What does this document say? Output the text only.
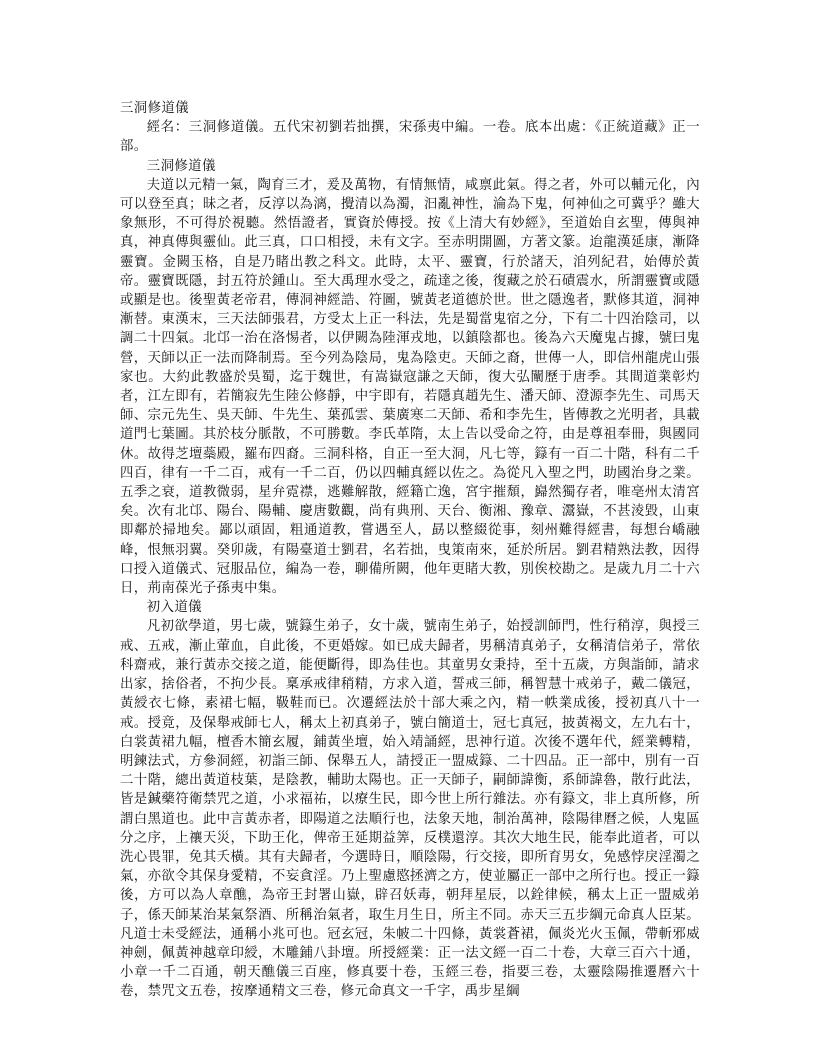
三洞修道儀

經名：三洞修道儀。五代宋初劉若拙撰，宋孫夷中編。一卷。底本出處：《正統道藏》正一部。

三洞修道儀

夫道以元精一氣，陶育三才，爰及萬物，有情無情，咸禀此氣。得之者，外可以輔元化，內可以登至真；昧之者，反淳以為漓，攪清以為濁，汩亂神性，淪為下鬼，何神仙之可冀乎？雖大象無形，不可得於視聽。然悟證者，實資於傳授。按《上清大有妙經》，至道始自玄聖，傳與神真，神真傳與靈仙。此三真，口口相授，未有文字。至赤明開圖，方著文篆。迨龍漢延康，漸降靈寶。金闕玉格，自是乃睹出教之科文。此時，太平、靈寶，行於諸天，洎列紀君，始傳於黃帝。靈寶既隱，封五符於鍾山。至大禹理水受之，疏達之後，復藏之於石磧震水，所謂靈寶或隱或顯是也。後聖黃老帝君，傳洞神經誥、符圖，號黃老道德於世。世之隱逸者，默修其道，洞神漸替。東漢末，三天法師張君，方受太上正一科法，先是蜀當鬼宿之分，下有二十四治陰司，以調二十四氣。北邙一治在洛惕者，以伊闕為陸渾戎地，以鎮陰都也。後為六天魔鬼占據，號曰鬼營，天師以正一法而降制焉。至今列為陰局，鬼為陰吏。天師之裔，世傳一人，即信州龍虎山張家也。大約此教盛於吳蜀，迄于魏世，有嵩嶽寇謙之天師，復大弘闡歷于唐季。其間道業彰灼者，江左即有，若簡寂先生陸公修靜，中宇即有，若隱真趙先生、潘天師、澄源李先生、司馬天師、宗元先生、吳天師、牛先生、葉孤雲、葉廣寒二天師、希和李先生，皆傳教之光明者，具載道門七葉圖。其於枝分脈散，不可勝數。李氏革隋，太上告以受命之符，由是尊祖奉冊，與國同休。故得芝壇蘂殿，羅布四裔。三洞科格，自正一至大洞，凡七等，籙有一百二十階，科有二千四百，律有一千二百，戒有一千二百，仍以四輔真經以佐之。為從凡入聖之門，助國治身之業。五季之衰，道教微弱，星弁霓襟，逃難解散，經籍亡逸，宮宇摧頹，巋然獨存者，唯亳州太清宮矣。次有北邙、陽台、陽輔、慶唐數觀，尚有典刑、天台、衡湘、豫章、灊嶽，不甚淩毀，山東即鄰於掃地矣。鄙以頑固，粗通道教，嘗遇至人，勗以整綴從事，刻州難得經書，每想台嶠融峰，恨無羽翼。癸卯歲，有陽臺道士劉君，名若拙，曳策南來，延於所居。劉君精熟法教，因得口授入道儀式、冠服品位，編為一卷，聊備所闕，他年更睹大教，別俟校勘之。是歲九月二十六日，荊南葆光子孫夷中集。

初入道儀

凡初欲學道，男七歲，號籙生弟子，女十歲，號南生弟子，始授訓師門，性行稍淳，與授三戒、五戒，漸止葷血，自此後，不更婚嫁。如已成夫歸者，男稱清真弟子，女稱清信弟子，常依科齋戒，兼行黃赤交接之道，能便斷得，即為佳也。其童男女秉持，至十五歲，方與詣師，請求出家，捨俗者，不拘少長。稟承戒律稍精，方求入道，誓戒三師，稱智慧十戒弟子，戴二儀冠，黃綬衣七條，素裙七幅，靸鞋而已。次遷經法於十部大乘之內，精一帙業成後，授初真八十一戒。授竟，及保舉戒師七人，稱太上初真弟子，號白簡道士，冠七真冠，披黃褐文，左九右十，白裳黃裙九幅，檀香木簡玄履，鋪黃坐壇，始入靖誦經，思神行道。次後不選年代，經業轉精，明鍊法式，方參洞經，初詣三師、保舉五人，請授正一盟威籙、二十四品。正一部中，別有一百二十階，總出黃道枝葉，是陰教，輔助太陽也。正一天師子，嗣師諱衡，系師諱魯，散行此法，皆是鍼藥符衛禁咒之道，小求福祐，以療生民，即今世上所行雜法。亦有籙文，非上真所修，所謂白黑道也。此中言黃赤者，即陽道之法順行也，法象天地，制治萬神，陰陽律曆之候，人鬼區分之序，上禳天災，下助王化，俾帝王延期益筭，反樸還淳。其次大地生民，能奉此道者，可以洗心畏罪，免其夭橫。其有夫歸者，今選時日，順陰陽，行交接，即所育男女，免感悖戾淫濁之氣，亦欲令其保身愛精，不妄貪淫。乃上聖慮愍拯濟之方，使並屬正一部中之所行也。授正一籙後，方可以為人章醮，為帝王封署山嶽，辟召妖毒，朝拜星辰，以銓律候，稱太上正一盟威弟子，係天師某治某氣祭酒、所稱治氣者，取生月生日，所主不同。赤天三五步綱元命真人臣某。凡道士未受經法，通稱小兆可也。冠玄冠，朱帔二十四條，黃裳蒼裙，佩炎光火玉佩，帶斬邪威神劍，佩黃神越章印綬，木雕鋪八卦壇。所授經業：正一法文經一百二十卷，大章三百六十通，小章一千二百通，朝天醮儀三百座，修真要十卷，玉經三卷，指要三卷，太靈陰陽推遷曆六十卷，禁咒文五卷，按摩通精文三卷，修元命真文一千字，禹步星綱
